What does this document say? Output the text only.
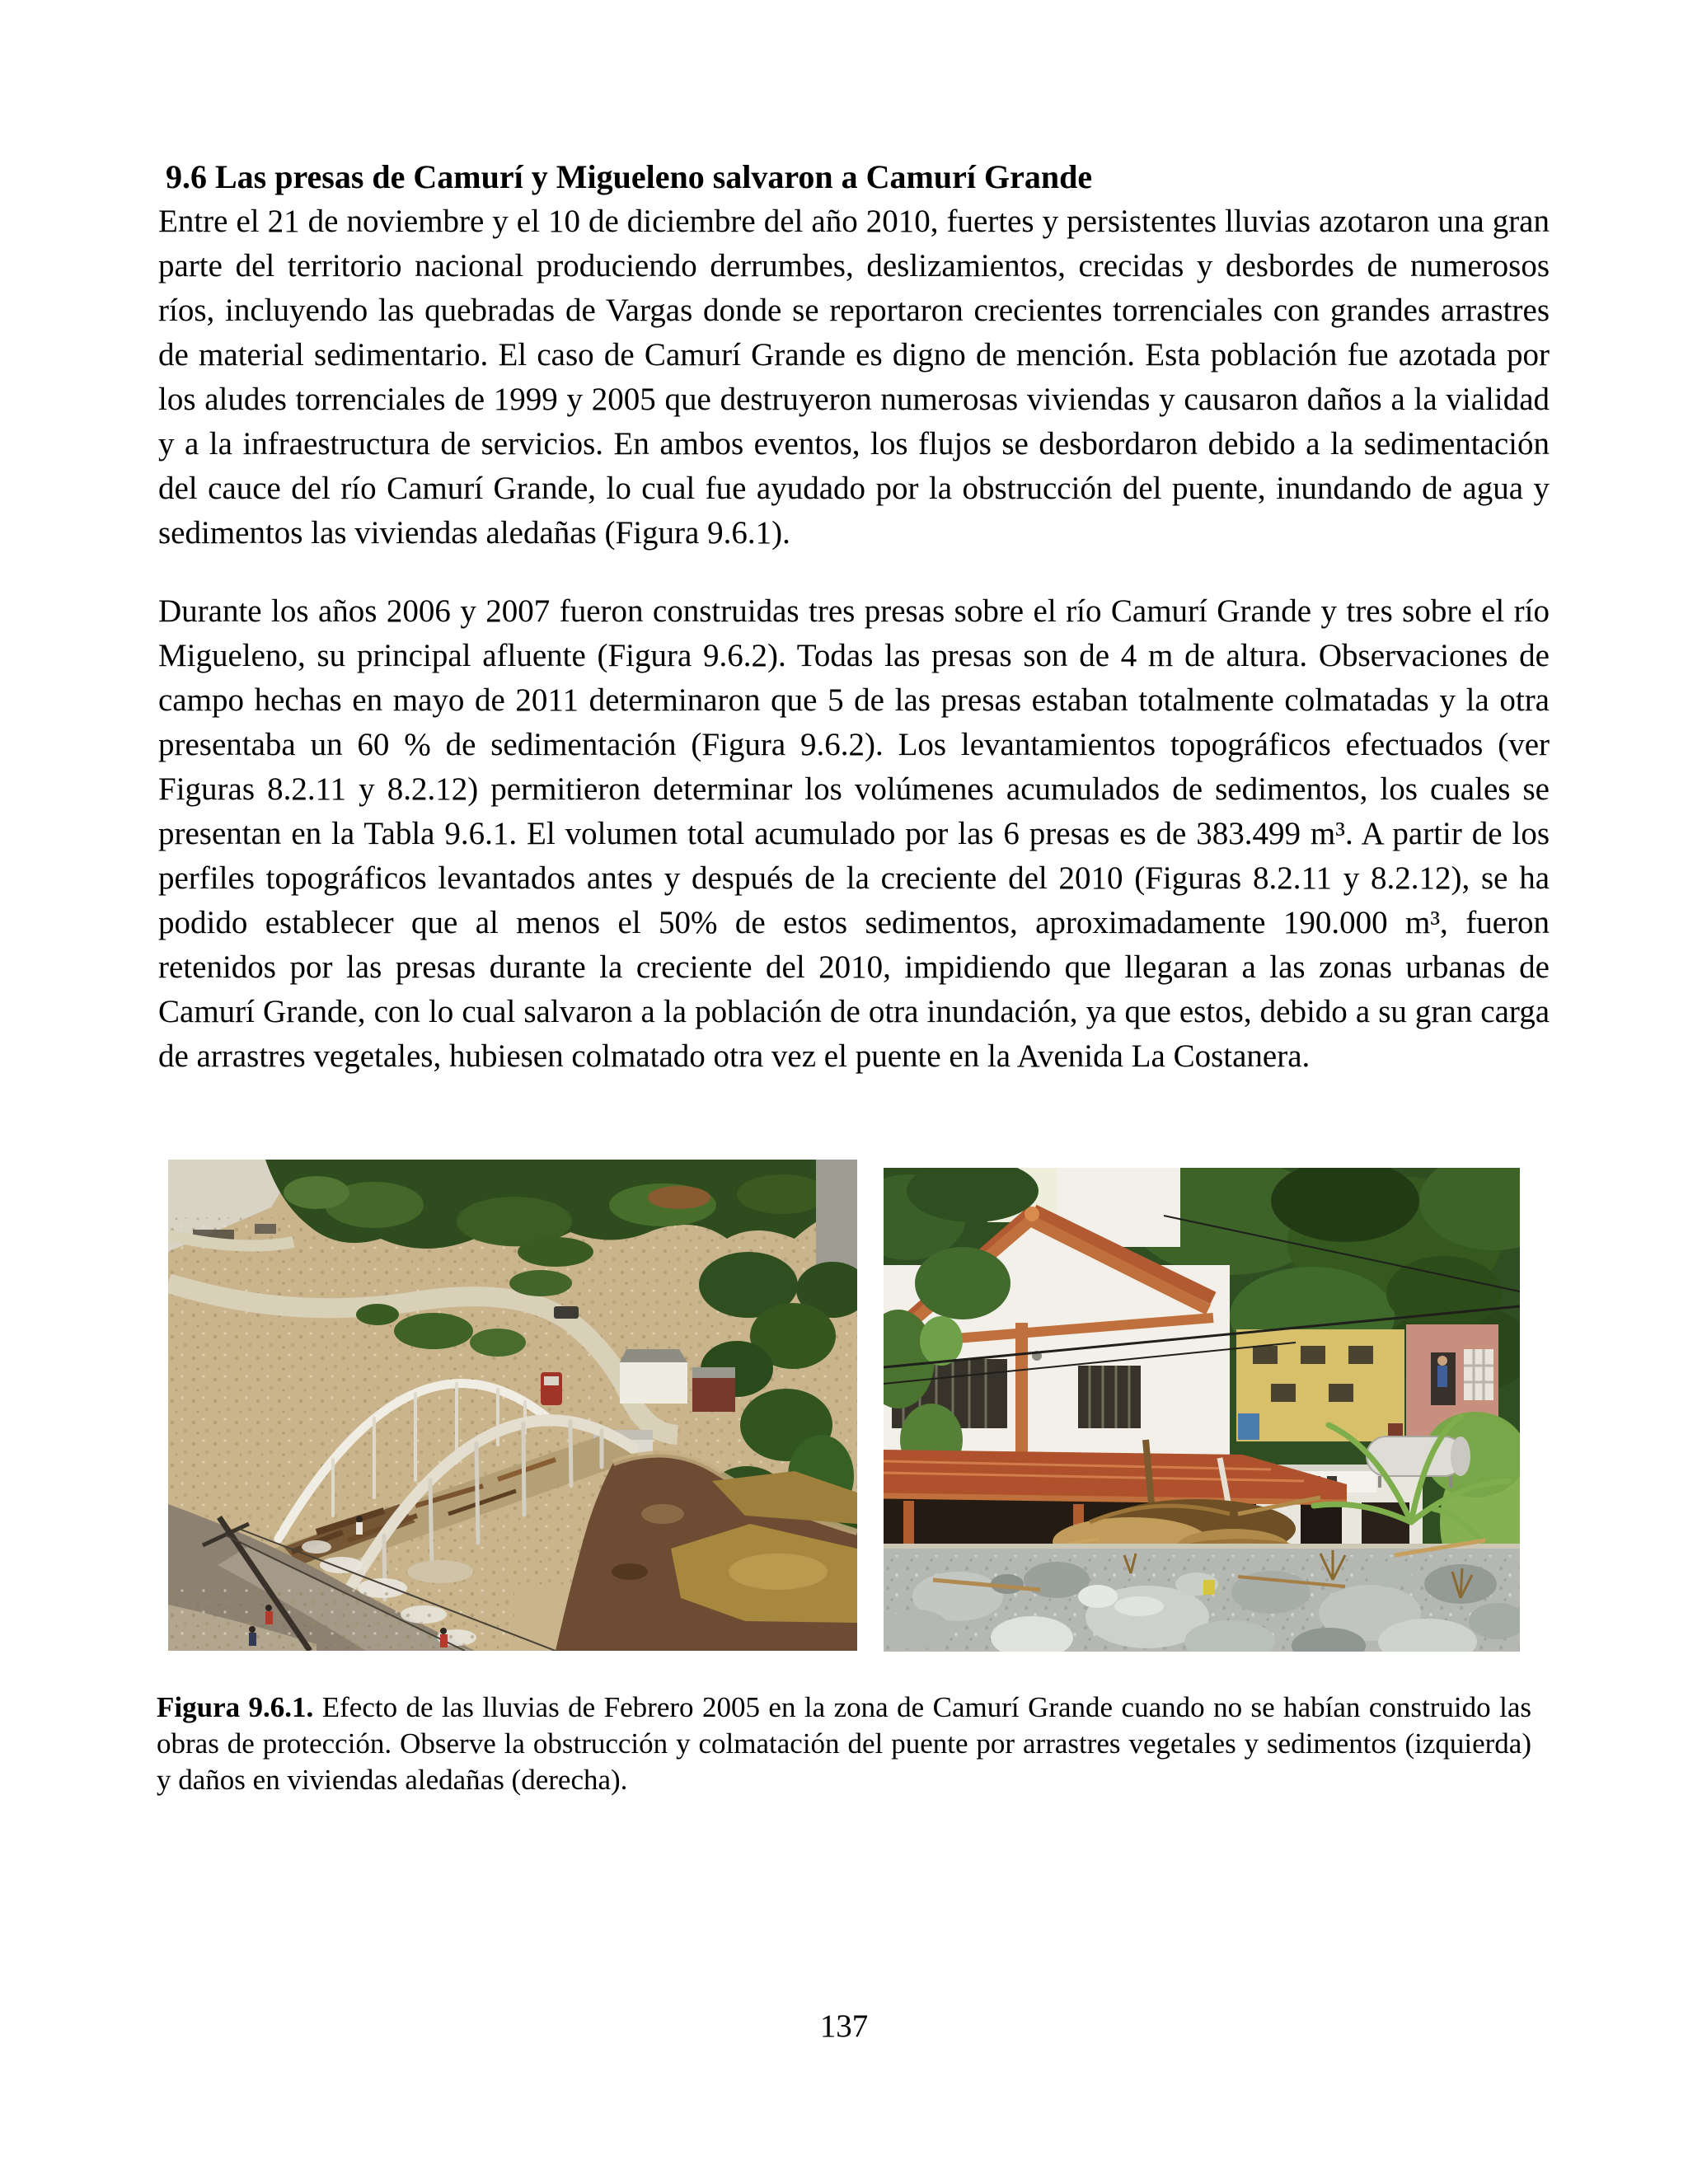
9.6 Las presas de Camurí y Migueleno salvaron a Camurí Grande

Entre el 21 de noviembre y el 10 de diciembre del año 2010, fuertes y persistentes lluvias azotaron una gran parte del territorio nacional produciendo derrumbes, deslizamientos, crecidas y desbordes de numerosos ríos, incluyendo las quebradas de Vargas donde se reportaron crecientes torrenciales con grandes arrastres de material sedimentario. El caso de Camurí Grande es digno de mención. Esta población fue azotada por los aludes torrenciales de 1999 y 2005 que destruyeron numerosas viviendas y causaron daños a la vialidad y a la infraestructura de servicios. En ambos eventos, los flujos se desbordaron debido a la sedimentación del cauce del río Camurí Grande, lo cual fue ayudado por la obstrucción del puente, inundando de agua y sedimentos las viviendas aledañas (Figura 9.6.1).

Durante los años 2006 y 2007 fueron construidas tres presas sobre el río Camurí Grande y tres sobre el río Migueleno, su principal afluente (Figura 9.6.2). Todas las presas son de 4 m de altura. Observaciones de campo hechas en mayo de 2011 determinaron que 5 de las presas estaban totalmente colmatadas y la otra presentaba un 60 % de sedimentación (Figura 9.6.2). Los levantamientos topográficos efectuados (ver Figuras 8.2.11 y 8.2.12) permitieron determinar los volúmenes acumulados de sedimentos, los cuales se presentan en la Tabla 9.6.1. El volumen total acumulado por las 6 presas es de 383.499 m³. A partir de los perfiles topográficos levantados antes y después de la creciente del 2010 (Figuras 8.2.11 y 8.2.12), se ha podido establecer que al menos el 50% de estos sedimentos, aproximadamente 190.000 m³, fueron retenidos por las presas durante la creciente del 2010, impidiendo que llegaran a las zonas urbanas de Camurí Grande, con lo cual salvaron a la población de otra inundación, ya que estos, debido a su gran carga de arrastres vegetales, hubiesen colmatado otra vez el puente en la Avenida La Costanera.

Figura 9.6.1. Efecto de las lluvias de Febrero 2005 en la zona de Camurí Grande cuando no se habían construido las obras de protección. Observe la obstrucción y colmatación del puente por arrastres vegetales y sedimentos (izquierda) y daños en viviendas aledañas (derecha).

137
